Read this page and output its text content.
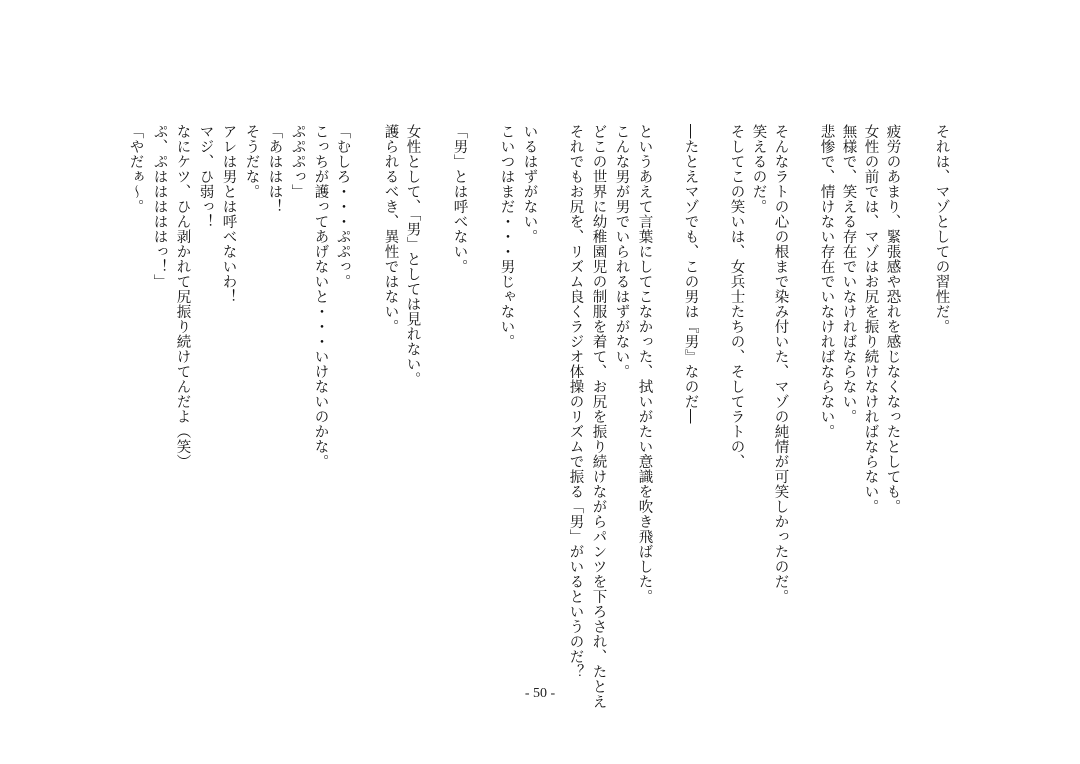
それは、マゾとしての習性だ。
疲労のあまり、緊張感や恐れを感じなくなったとしても。
女性の前では、マゾはお尻を振り続けなければならない。
無様で、笑える存在でいなければならない。
悲惨で、情けない存在でいなければならない。
そんなラトの心の根まで染み付いた、マゾの純情が可笑しかったのだ。
笑えるのだ。
そしてこの笑いは、女兵士たちの、そしてラトの、
―たとえマゾでも、この男は『男』なのだ―
というあえて言葉にしてこなかった、拭いがたい意識を吹き飛ばした。
こんな男が男でいられるはずがない。
どこの世界に幼稚園児の制服を着て、お尻を振り続けながらパンツを下ろされ、たとえ
それでもお尻を、リズム良くラジオ体操のリズムで振る「男」がいるというのだ？
いるはずがない。
こいつはまだ・・・男じゃない。
「男」とは呼べない。
女性として、「男」としては見れない。
護られるべき、異性ではない。
「むしろ・・・ぷぷっ。
こっちが護ってあげないと・・・いけないのかな。
ぷぷぷっ」
「あははは！
そうだな。
アレは男とは呼べないわ！
マジ、ひ弱っ！
なにケツ、ひん剥かれて尻振り続けてんだよ（笑）
ぷ、ぷはははははっ！」
「やだぁ～。
- 50 -
